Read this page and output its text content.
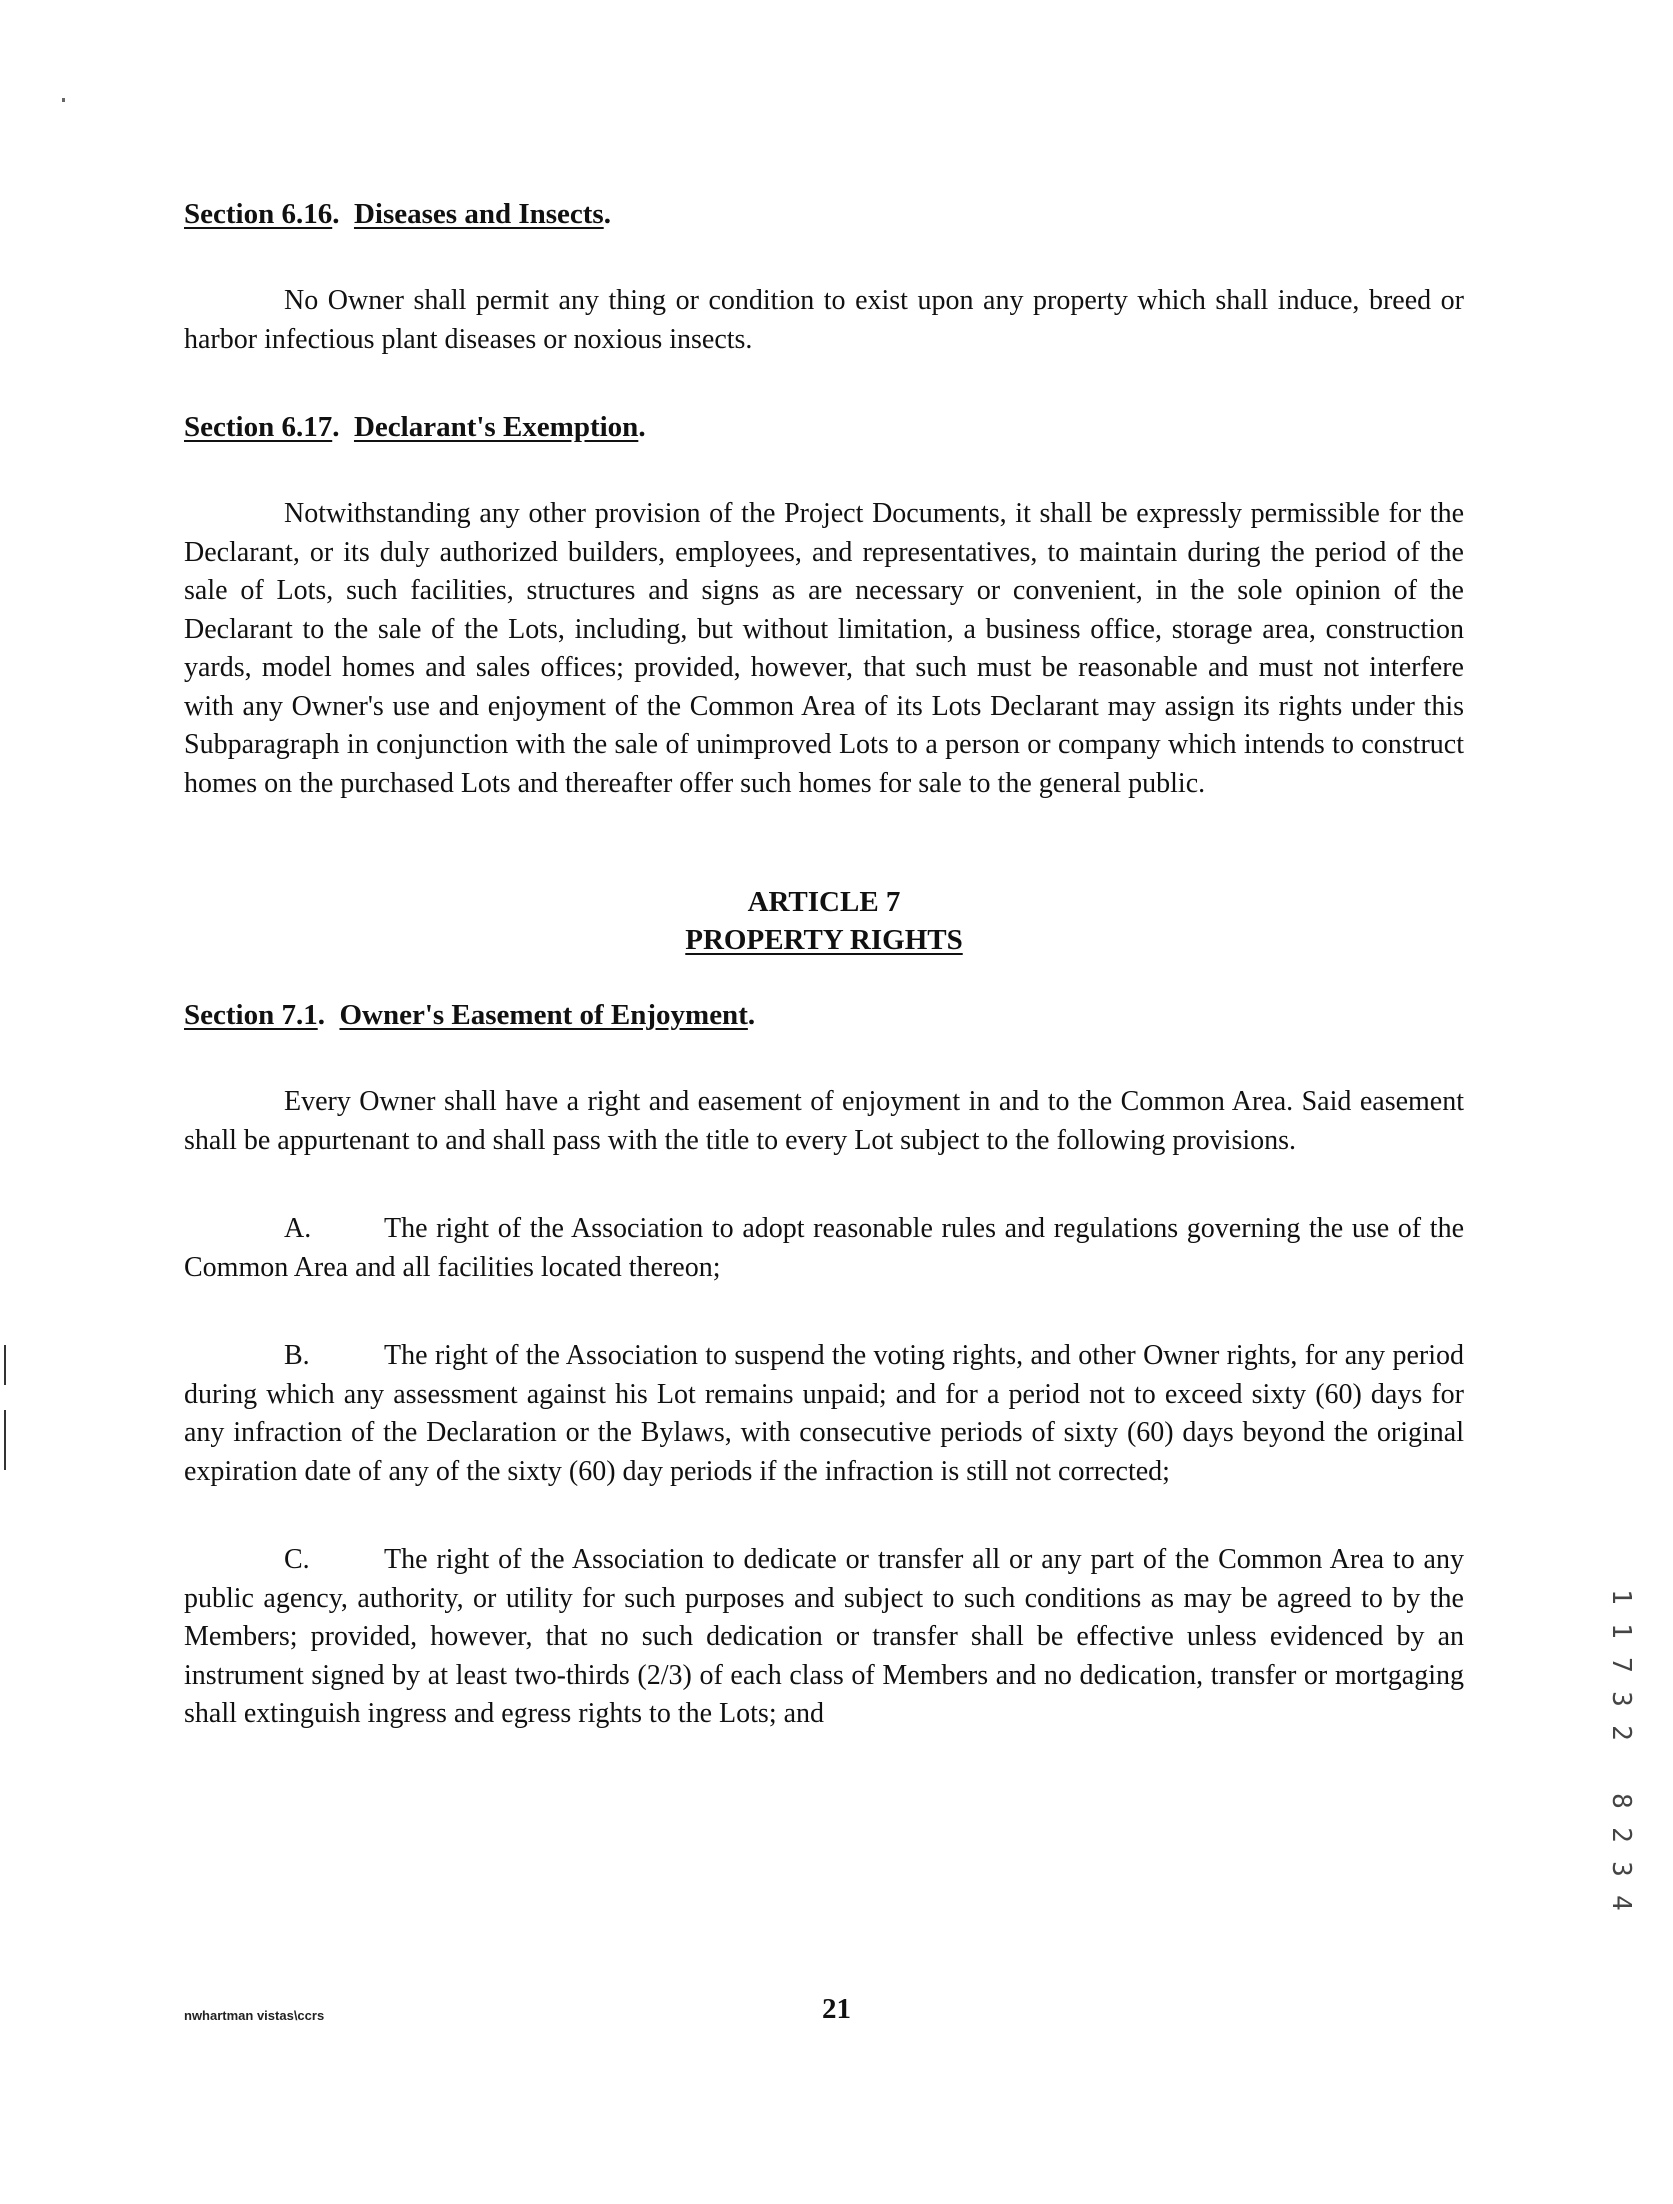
Section 6.16.  Diseases and Insects.

No Owner shall permit any thing or condition to exist upon any property which shall induce, breed or harbor infectious plant diseases or noxious insects.

Section 6.17.  Declarant's Exemption.

Notwithstanding any other provision of the Project Documents, it shall be expressly permissible for the Declarant, or its duly authorized builders, employees, and representatives, to maintain during the period of the sale of Lots, such facilities, structures and signs as are necessary or convenient, in the sole opinion of the Declarant to the sale of the Lots, including, but without limitation, a business office, storage area, construction yards, model homes and sales offices; provided, however, that such must be reasonable and must not interfere with any Owner's use and enjoyment of the Common Area of its Lots Declarant may assign its rights under this Subparagraph in conjunction with the sale of unimproved Lots to a person or company which intends to construct homes on the purchased Lots and thereafter offer such homes for sale to the general public.

ARTICLE 7
PROPERTY RIGHTS
Section 7.1.  Owner's Easement of Enjoyment.

Every Owner shall have a right and easement of enjoyment in and to the Common Area. Said easement shall be appurtenant to and shall pass with the title to every Lot subject to the following provisions.

A.	The right of the Association to adopt reasonable rules and regulations governing the use of the Common Area and all facilities located thereon;

B.	The right of the Association to suspend the voting rights, and other Owner rights, for any period during which any assessment against his Lot remains unpaid; and for a period not to exceed sixty (60) days for any infraction of the Declaration or the Bylaws, with consecutive periods of sixty (60) days beyond the original expiration date of any of the sixty (60) day periods if the infraction is still not corrected;

C.	The right of the Association to dedicate or transfer all or any part of the Common Area to any public agency, authority, or utility for such purposes and subject to such conditions as may be agreed to by the Members; provided, however, that no such dedication or transfer shall be effective unless evidenced by an instrument signed by at least two-thirds (2/3) of each class of Members and no dedication, transfer or mortgaging shall extinguish ingress and egress rights to the Lots; and

nwhartman vistas\ccrs	21
1
1
7
3
2
8
2
3
4
